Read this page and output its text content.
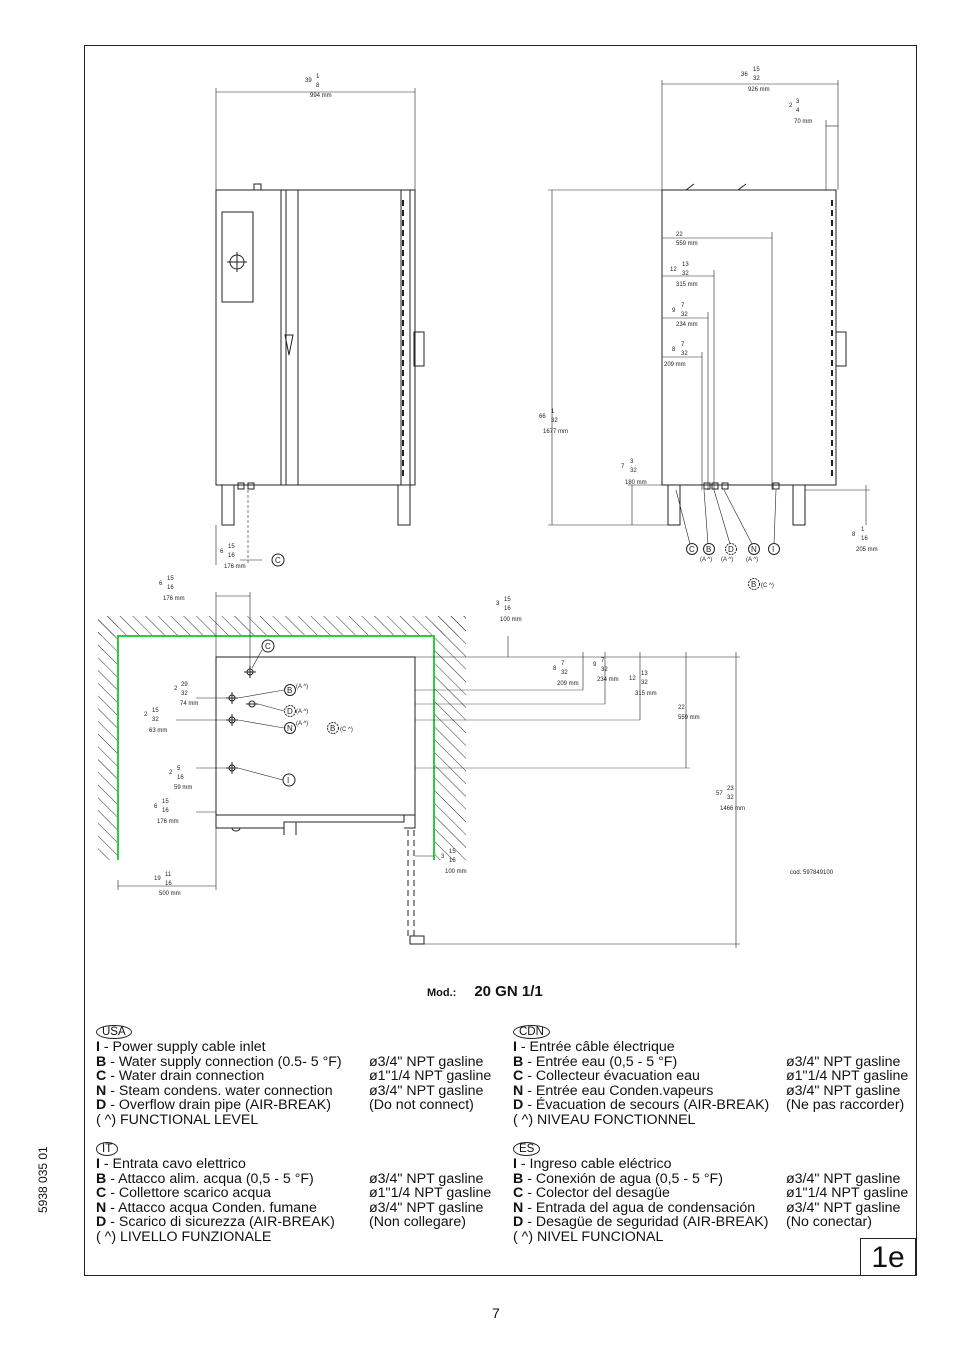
39
1
8
994 mm
36
15
32
926 mm
2
3
4
70 mm
22
559 mm
12
13
32
315 mm
9
7
32
234 mm
8
7
32
209 mm
66
1
32
1677 mm
7
3
32
180 mm
8
1
16
205 mm
6
15
16
176 mm
6
15
16
176 mm
3
15
16
100 mm
2
29
32
74 mm
2
15
32
63 mm
2
5
16
59 mm
6
15
16
176 mm
8
7
32
209 mm
9
7
32
234 mm 12
13
32
315 mm
22
559 mm
57
23
32
1466 mm
3
15
16
100 mm
19
11
16
500 mm
cod. 597849100
C
C B D N I
(A ^) (A ^) (A ^)
B (C ^)
C
B (A ^)
D (A ^)
N (A ^)	B (C ^)
I
Mod.: 20 GN 1/1
USA
I - Power supply cable inlet
B - Water supply connection (0.5- 5 °F)	ø3/4" NPT gasline
C - Water drain connection	ø1"1/4 NPT gasline
N - Steam condens. water connection	ø3/4" NPT gasline
D - Overflow drain pipe (AIR-BREAK)	(Do not connect)
( ^) FUNCTIONAL LEVEL
CDN
I - Entrée câble électrique
B - Entrée eau (0,5 - 5 °F)	ø3/4" NPT gasline
C - Collecteur évacuation eau	ø1"1/4 NPT gasline
N - Entrée eau Conden.vapeurs	ø3/4" NPT gasline
D - Évacuation de secours (AIR-BREAK)	(Ne pas raccorder)
( ^) NIVEAU FONCTIONNEL
IT
I - Entrata cavo elettrico
B - Attacco alim. acqua (0,5 - 5 °F)	ø3/4" NPT gasline
C - Collettore scarico acqua	ø1"1/4 NPT gasline
N - Attacco acqua Conden. fumane	ø3/4" NPT gasline
D - Scarico di sicurezza (AIR-BREAK)	(Non collegare)
( ^) LIVELLO FUNZIONALE
ES
I - Ingreso cable eléctrico
B - Conexión de agua (0,5 - 5 °F)	ø3/4" NPT gasline
C - Colector del desagüe	ø1"1/4 NPT gasline
N - Entrada del agua de condensación	ø3/4" NPT gasline
D - Desagüe de seguridad (AIR-BREAK)	(No conectar)
( ^) NIVEL FUNCIONAL
5938 035 01
1e
7
